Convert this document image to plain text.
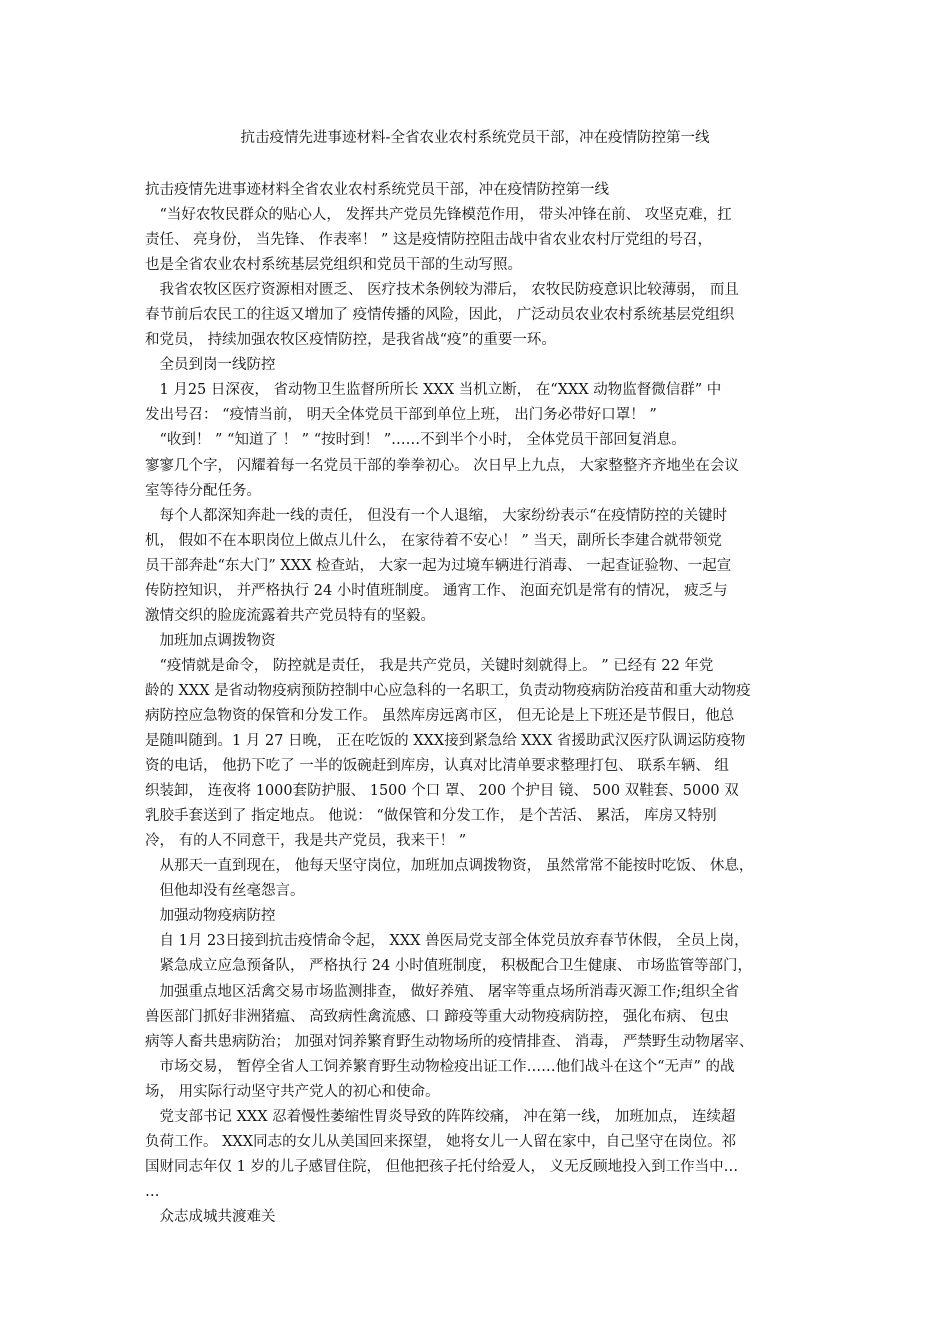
抗击疫情先进事迹材料-全省农业农村系统党员干部，冲在疫情防控第一线
抗击疫情先进事迹材料全省农业农村系统党员干部，冲在疫情防控第一线
　“当好农牧民群众的贴心人， 发挥共产党员先锋模范作用， 带头冲锋在前、 攻坚克难，扛
责任、 亮身份， 当先锋、 作表率！ ” 这是疫情防控阻击战中省农业农村厅党组的号召，
也是全省农业农村系统基层党组织和党员干部的生动写照。
　我省农牧区医疗资源相对匮乏、 医疗技术条例较为滞后， 农牧民防疫意识比较薄弱， 而且
春节前后农民工的往返又增加了 疫情传播的风险，因此， 广泛动员农业农村系统基层党组织
和党员， 持续加强农牧区疫情防控，是我省战“疫”的重要一环。
　全员到岗一线防控
　1 月25 日深夜， 省动物卫生监督所所长 XXX 当机立断， 在“XXX 动物监督微信群” 中
发出号召： “疫情当前， 明天全体党员干部到单位上班， 出门务必带好口罩！ ”
　“收到！ ” “知道了 ！ ” “按时到！ ”……不到半个小时， 全体党员干部回复消息。
寥寥几个字， 闪耀着每一名党员干部的拳拳初心。 次日早上九点， 大家整整齐齐地坐在会议
室等待分配任务。
　每个人都深知奔赴一线的责任， 但没有一个人退缩， 大家纷纷表示“在疫情防控的关键时
机， 假如不在本职岗位上做点儿什么， 在家待着不安心！ ” 当天，副所长李建合就带领党
员干部奔赴“东大门” XXX 检查站， 大家一起为过境车辆进行消毒、 一起查证验物、一起宣
传防控知识， 并严格执行 24 小时值班制度。 通宵工作、 泡面充饥是常有的情况， 疲乏与
激情交织的脸庞流露着共产党员特有的坚毅。
　加班加点调拨物资
　“疫情就是命令， 防控就是责任， 我是共产党员，关键时刻就得上。 ” 已经有 22 年党
龄的 XXX 是省动物疫病预防控制中心应急科的一名职工，负责动物疫病防治疫苗和重大动物疫
病防控应急物资的保管和分发工作。 虽然库房远离市区， 但无论是上下班还是节假日，他总
是随叫随到。1 月 27 日晚， 正在吃饭的 XXX接到紧急给 XXX 省援助武汉医疗队调运防疫物
资的电话， 他扔下吃了 一半的饭碗赶到库房，认真对比清单要求整理打包、 联系车辆、 组
织装卸， 连夜将 1000套防护服、 1500 个口 罩、 200 个护目 镜、 500 双鞋套、5000 双
乳胶手套送到了 指定地点。 他说： “做保管和分发工作， 是个苦活、 累活， 库房又特别
冷， 有的人不同意干，我是共产党员，我来干！ ”
　从那天一直到现在， 他每天坚守岗位，加班加点调拨物资， 虽然常常不能按时吃饭、 休息，
　但他却没有丝毫怨言。
　加强动物疫病防控
　自 1月 23日接到抗击疫情命令起， XXX 兽医局党支部全体党员放弃春节休假， 全员上岗，
　紧急成立应急预备队， 严格执行 24 小时值班制度， 积极配合卫生健康、 市场监管等部门，
　加强重点地区活禽交易市场监测排查， 做好养殖、 屠宰等重点场所消毒灭源工作;组织全省
兽医部门抓好非洲猪瘟、 高致病性禽流感、口 蹄疫等重大动物疫病防控， 强化布病、 包虫
病等人畜共患病防治； 加强对饲养繁育野生动物场所的疫情排查、 消毒， 严禁野生动物屠宰、
　市场交易， 暂停全省人工饲养繁育野生动物检疫出证工作……他们战斗在这个“无声” 的战
场， 用实际行动坚守共产党人的初心和使命。
　党支部书记 XXX 忍着慢性萎缩性胃炎导致的阵阵绞痛， 冲在第一线， 加班加点， 连续超
负荷工作。 XXX同志的女儿从美国回来探望， 她将女儿一人留在家中，自己坚守在岗位。祁
国财同志年仅 1 岁的儿子感冒住院， 但他把孩子托付给爱人， 义无反顾地投入到工作当中…
…
　众志成城共渡难关
